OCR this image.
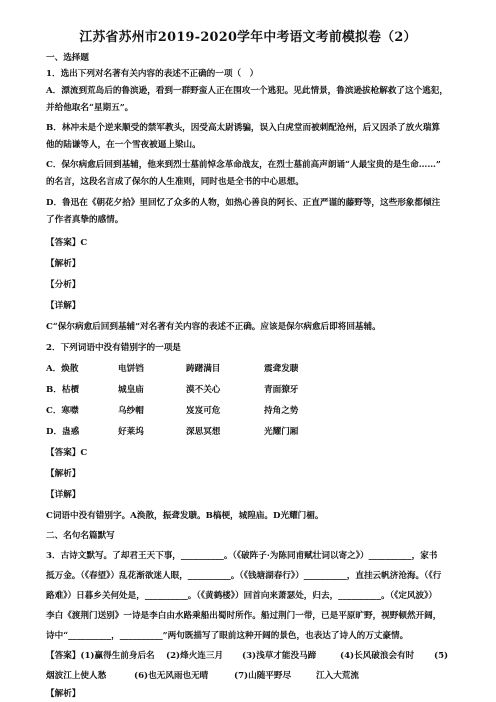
江苏省苏州市2019-2020学年中考语文考前模拟卷（2）
一、选择题
1．选出下列对名著有关内容的表述不正确的一项（　）
A．漂流到荒岛后的鲁滨逊，看到一群野蛮人正在围攻一个逃犯。见此情景，鲁滨逊拔枪解救了这个逃犯，
并给他取名“星期五”。
B．林冲未是个逆来顺受的禁军教头，因受高太尉诱骗，误入白虎堂而被刺配沧州，后又因杀了放火瑞算
他的陆谦等人，在一个雪夜被逼上梁山。
C．保尔病愈后回到基辅，他来到烈士墓前悼念革命战友，在烈士墓前高声朗诵“人最宝贵的是生命……”
的名言，这段名言成了保尔的人生准则，同时也是全书的中心思想。
D．鲁迅在《朝花夕拾》里回忆了众多的人物，如热心善良的阿长、正直严谨的藤野等，这些形象都倾注
了作者真挚的感情。
【答案】C
【解析】
【分析】
【详解】
C“保尔病愈后回到基辅”对名著有关内容的表述不正确。应该是保尔病愈后即将回基辅。
2．下列词语中没有错别字的一项是
A．焕散	电饼铛	踌躇满目	震聋发聩
B．枯槚	城皇庙	漠不关心	青面獠牙
C．寒噤	乌纱帽	岌岌可危	持角之势
D．蛊惑	好莱坞	深思冥想	光耀门厢
【答案】C
【解析】
【详解】
C词语中没有错别字。A涣散，振聋发聩。B槁梗，城隍庙。D光耀门楣。
二、名句名篇默写
3．古诗文默写。了却君王天下事，__________。（《破阵子·为陈同甫赋壮词以寄之》）__________，家书
抵万金。（《春望》）乱花渐欲迷人眼，__________。（《钱塘湖春行》）__________，直挂云帆济沧海。（《行
路难》）日暮乡关何处是，__________。（《黄鹤楼》）回首向来萧瑟处，归去，__________。（《定风波》）
李白《渡荆门送别》一诗是李白由水路乘船出蜀时所作。船过荆门一带，已是平原旷野，视野顿然开阔，
诗中“__________，__________”两句既描写了眼前这种开阔的景色，也表达了诗人的万丈豪情。
【答案】(1)赢得生前身后名 (2)烽火连三月 (3)浅草才能没马蹄	(4)长风破浪会有时 (5)
烟波江上使人愁	(6)也无风雨也无晴	(7)山随平野尽	江入大荒流
【解析】
